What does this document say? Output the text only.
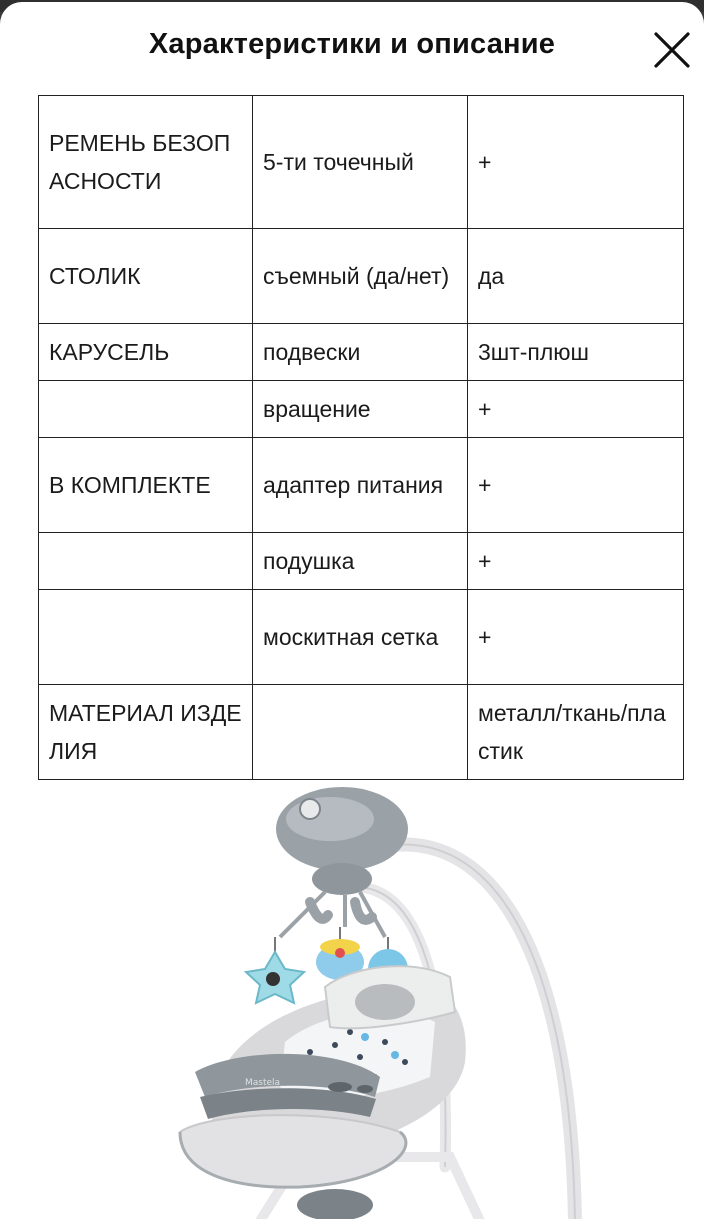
Характеристики и описание
РЕМЕНЬ БЕЗОПАСНОСТИ	5-ти точечный	+
СТОЛИК	съемный (да/нет)	да
КАРУСЕЛЬ	подвески	3шт-плюш
	вращение	+
В КОМПЛЕКТЕ	адаптер питания	+
	подушка	+
	москитная сетка	+
МАТЕРИАЛ ИЗДЕЛИЯ		металл/ткань/пластик
Mastela
